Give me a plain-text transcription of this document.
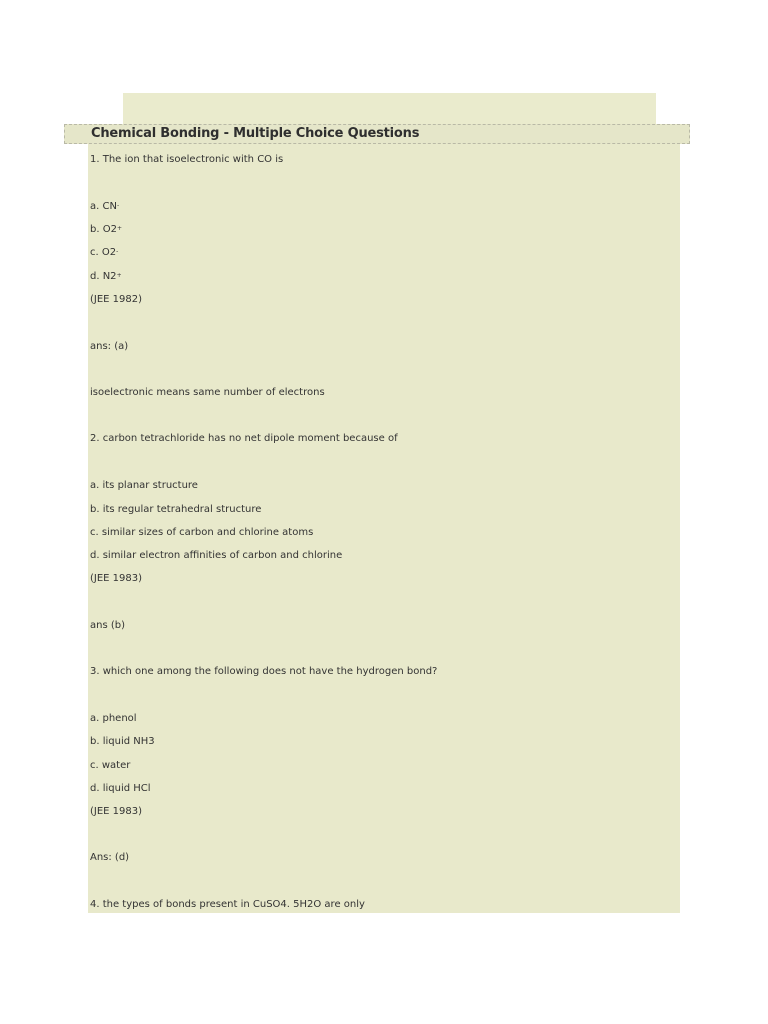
Chemical Bonding - Multiple Choice Questions
1. The ion that isoelectronic with CO is
a. CN-
b. O2+
c. O2-
d. N2+
(JEE 1982)
ans: (a)
isoelectronic means same number of electrons
2. carbon tetrachloride has no net dipole moment because of
a. its planar structure
b. its regular tetrahedral structure
c. similar sizes of carbon and chlorine atoms
d. similar electron affinities of carbon and chlorine
(JEE 1983)
ans (b)
3. which one among the following does not have the hydrogen bond?
a. phenol
b. liquid NH3
c. water
d. liquid HCl
(JEE 1983)
Ans: (d)
4. the types of bonds present in CuSO4. 5H2O are only
